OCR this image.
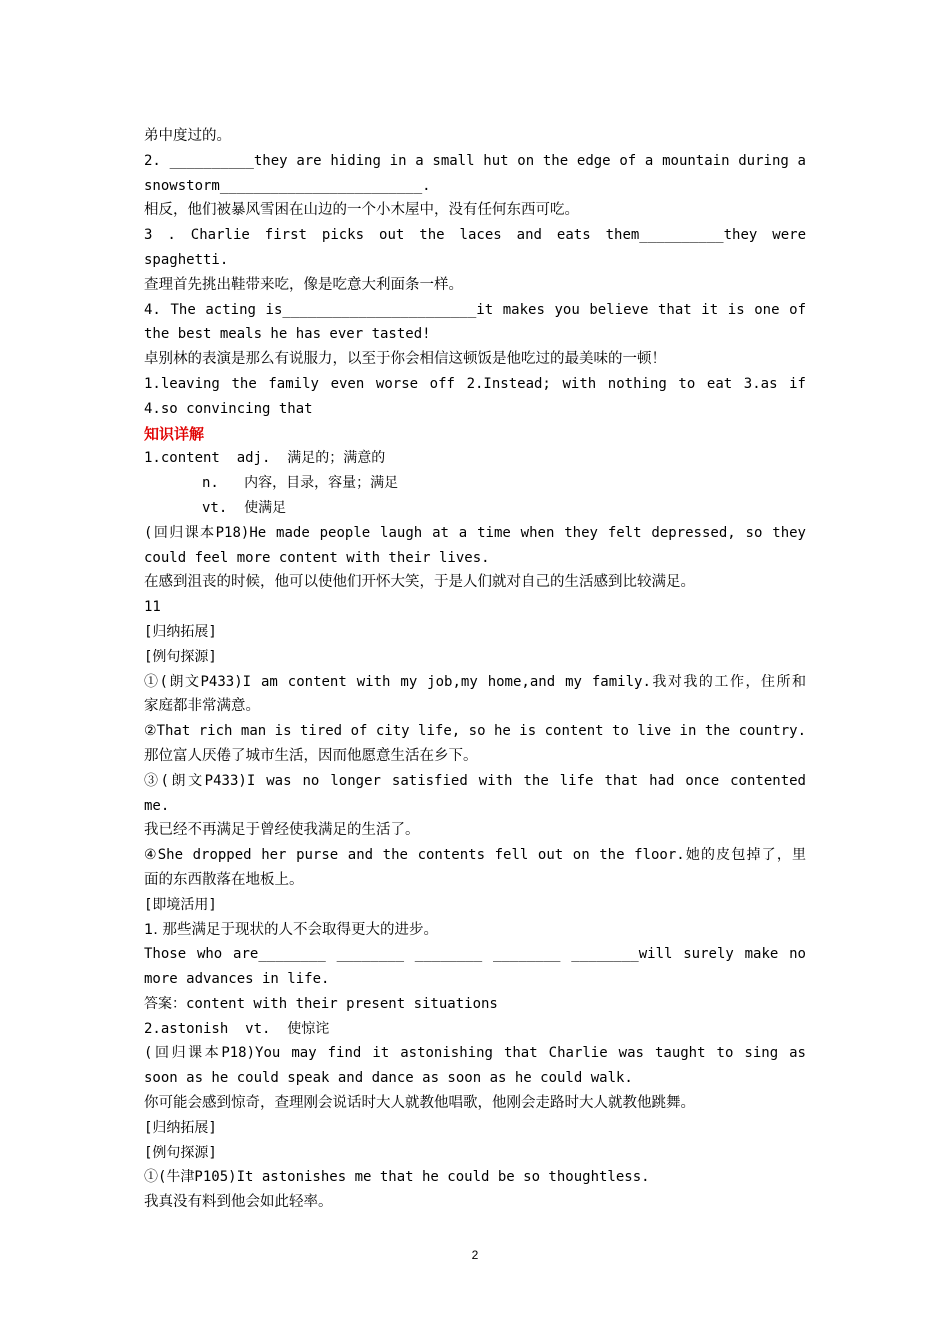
弟中度过的。
2. __________they are hiding in a small hut on the edge of a mountain during a
snowstorm________________________.
相反，他们被暴风雪困在山边的一个小木屋中，没有任何东西可吃。
3 . Charlie first picks out the laces and eats them__________they were
spaghetti.
查理首先挑出鞋带来吃，像是吃意大利面条一样。
4. The acting is_______________________it makes you believe that it is one of
the best meals he has ever tasted!
卓别林的表演是那么有说服力，以至于你会相信这顿饭是他吃过的最美味的一顿！
1.leaving the family even worse off 2.Instead; with nothing to eat 3.as if
4.so convincing that
知识详解
1.content  adj.  满足的；满意的
n.   内容，目录，容量；满足
vt.  使满足
(回归课本P18)He made people laugh at a time when they felt depressed, so they
could feel more content with their lives.
在感到沮丧的时候，他可以使他们开怀大笑，于是人们就对自己的生活感到比较满足。
11
[归纳拓展]
[例句探源]
①(朗文P433)I am content with my job,my home,and my family.我对我的工作，住所和
家庭都非常满意。
②That rich man is tired of city life, so he is content to live in the country.
那位富人厌倦了城市生活，因而他愿意生活在乡下。
③(朗文P433)I was no longer satisfied with the life that had once contented
me.
我已经不再满足于曾经使我满足的生活了。
④She dropped her purse and the contents fell out on the floor.她的皮包掉了，里
面的东西散落在地板上。
[即境活用]
1. 那些满足于现状的人不会取得更大的进步。
Those who are________ ________ ________ ________ ________will surely make no
more advances in life.
答案：content with their present situations
2.astonish  vt.  使惊诧
(回归课本P18)You may find it astonishing that Charlie was taught to sing as
soon as he could speak and dance as soon as he could walk.
你可能会感到惊奇，查理刚会说话时大人就教他唱歌，他刚会走路时大人就教他跳舞。
[归纳拓展]
[例句探源]
①(牛津P105)It astonishes me that he could be so thoughtless.
我真没有料到他会如此轻率。
2
